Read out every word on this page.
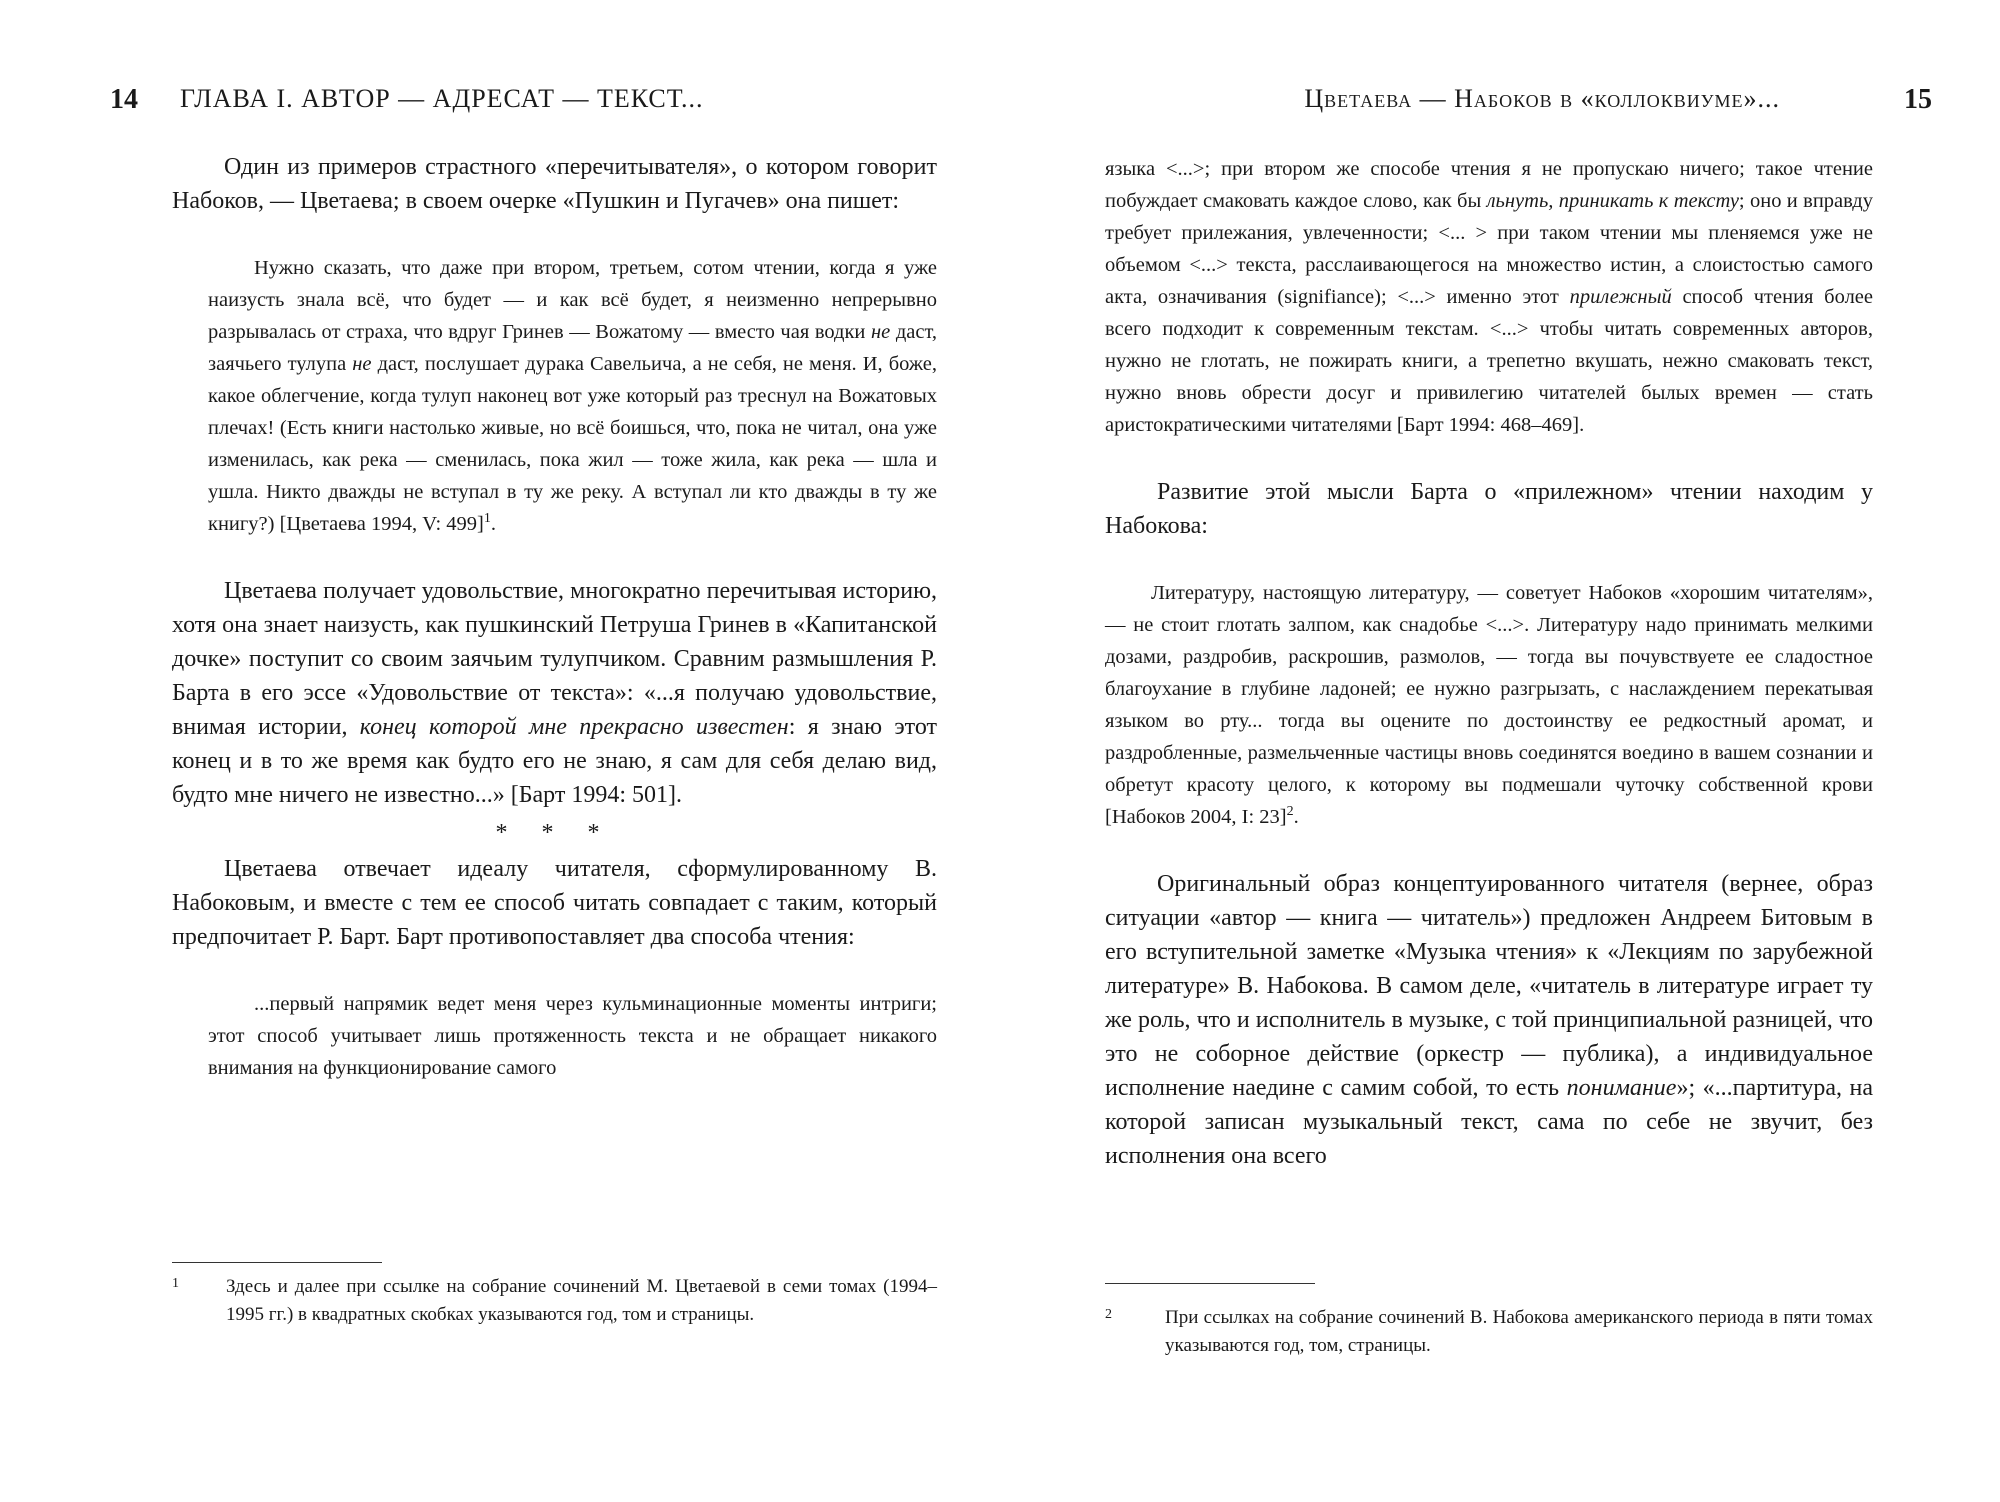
14 ГЛАВА I. АВТОР — АДРЕСАТ — ТЕКСТ...

Один из примеров страстного «перечитывателя», о котором говорит Набоков, — Цветаева; в своем очерке «Пушкин и Пугачев» она пишет:

Нужно сказать, что даже при втором, третьем, сотом чтении, когда я уже наизусть знала всё, что будет — и как всё будет, я неизменно непрерывно разрывалась от страха, что вдруг Гринев — Вожатому — вместо чая водки не даст, заячьего тулупа не даст, послушает дурака Савельича, а не себя, не меня. И, боже, какое облегчение, когда тулуп наконец вот уже который раз треснул на Вожатовых плечах! (Есть книги настолько живые, но всё боишься, что, пока не читал, она уже изменилась, как река — сменилась, пока жил — тоже жила, как река — шла и ушла. Никто дважды не вступал в ту же реку. А вступал ли кто дважды в ту же книгу?) [Цветаева 1994, V: 499]$^1$.

Цветаева получает удовольствие, многократно перечитывая историю, хотя она знает наизусть, как пушкинский Петруша Гринев в «Капитанской дочке» поступит со своим заячьим тулупчиком. Сравним размышления Р. Барта в его эссе «Удовольствие от текста»: «...я получаю удовольствие, внимая истории, конец которой мне прекрасно известен: я знаю этот конец и в то же время как будто его не знаю, я сам для себя делаю вид, будто мне ничего не известно...» [Барт 1994: 501].

* * *

Цветаева отвечает идеалу читателя, сформулированному В. Набоковым, и вместе с тем ее способ читать совпадает с таким, который предпочитает Р. Барт. Барт противопоставляет два способа чтения:

...первый напрямик ведет меня через кульминационные моменты интриги; этот способ учитывает лишь протяженность текста и не обращает никакого внимания на функционирование самого

1 Здесь и далее при ссылке на собрание сочинений М. Цветаевой в семи томах (1994–1995 гг.) в квадратных скобках указываются год, том и страницы.
Цветаева — Набоков в «коллоквиуме»...	15

языка <...>; при втором же способе чтения я не пропускаю ничего; такое чтение побуждает смаковать каждое слово, как бы льнуть, приникать к тексту; оно и вправду требует прилежания, увлеченности; <... > при таком чтении мы пленяемся уже не объемом <...> текста, расслаивающегося на множество истин, а слоистостью самого акта, означивания (signifiance); <...> именно этот прилежный способ чтения более всего подходит к современным текстам. <...> чтобы читать современных авторов, нужно не глотать, не пожирать книги, а трепетно вкушать, нежно смаковать текст, нужно вновь обрести досуг и привилегию читателей былых времен — стать аристократическими читателями [Барт 1994: 468–469].

Развитие этой мысли Барта о «прилежном» чтении находим у Набокова:

Литературу, настоящую литературу, — советует Набоков «хорошим читателям», — не стоит глотать залпом, как снадобье <...>. Литературу надо принимать мелкими дозами, раздробив, раскрошив, размолов, — тогда вы почувствуете ее сладостное благоухание в глубине ладоней; ее нужно разгрызать, с наслаждением перекатывая языком во рту... тогда вы оцените по достоинству ее редкостный аромат, и раздробленные, размельченные частицы вновь соединятся воедино в вашем сознании и обретут красоту целого, к которому вы подмешали чуточку собственной крови [Набоков 2004, I: 23]$^2$.

Оригинальный образ концептуированного читателя (вернее, образ ситуации «автор — книга — читатель») предложен Андреем Битовым в его вступительной заметке «Музыка чтения» к «Лекциям по зарубежной литературе» В. Набокова. В самом деле, «читатель в литературе играет ту же роль, что и исполнитель в музыке, с той принципиальной разницей, что это не соборное действие (оркестр — публика), а индивидуальное исполнение наедине с самим собой, то есть понимание»; «...партитура, на которой записан музыкальный текст, сама по себе не звучит, без исполнения она всего

2	При ссылках на собрание сочинений В. Набокова американского периода в пяти томах указываются год, том, страницы.
